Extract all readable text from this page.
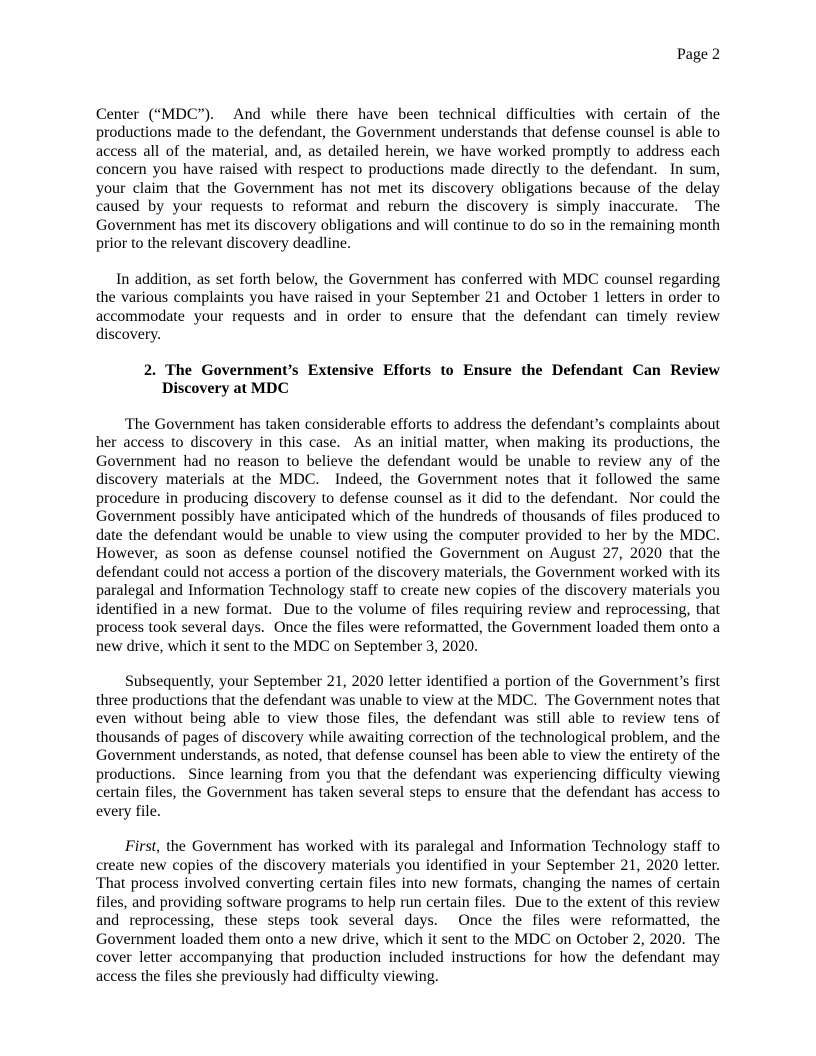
Page 2

Center (“MDC”).  And while there have been technical difficulties with certain of the productions made to the defendant, the Government understands that defense counsel is able to access all of the material, and, as detailed herein, we have worked promptly to address each concern you have raised with respect to productions made directly to the defendant.  In sum, your claim that the Government has not met its discovery obligations because of the delay caused by your requests to reformat and reburn the discovery is simply inaccurate.  The Government has met its discovery obligations and will continue to do so in the remaining month prior to the relevant discovery deadline.

In addition, as set forth below, the Government has conferred with MDC counsel regarding the various complaints you have raised in your September 21 and October 1 letters in order to accommodate your requests and in order to ensure that the defendant can timely review discovery.

2. The Government’s Extensive Efforts to Ensure the Defendant Can Review Discovery at MDC

The Government has taken considerable efforts to address the defendant’s complaints about her access to discovery in this case.  As an initial matter, when making its productions, the Government had no reason to believe the defendant would be unable to review any of the discovery materials at the MDC.  Indeed, the Government notes that it followed the same procedure in producing discovery to defense counsel as it did to the defendant.  Nor could the Government possibly have anticipated which of the hundreds of thousands of files produced to date the defendant would be unable to view using the computer provided to her by the MDC.  However, as soon as defense counsel notified the Government on August 27, 2020 that the defendant could not access a portion of the discovery materials, the Government worked with its paralegal and Information Technology staff to create new copies of the discovery materials you identified in a new format.  Due to the volume of files requiring review and reprocessing, that process took several days.  Once the files were reformatted, the Government loaded them onto a new drive, which it sent to the MDC on September 3, 2020.

Subsequently, your September 21, 2020 letter identified a portion of the Government’s first three productions that the defendant was unable to view at the MDC.  The Government notes that even without being able to view those files, the defendant was still able to review tens of thousands of pages of discovery while awaiting correction of the technological problem, and the Government understands, as noted, that defense counsel has been able to view the entirety of the productions.  Since learning from you that the defendant was experiencing difficulty viewing certain files, the Government has taken several steps to ensure that the defendant has access to every file.

First, the Government has worked with its paralegal and Information Technology staff to create new copies of the discovery materials you identified in your September 21, 2020 letter.  That process involved converting certain files into new formats, changing the names of certain files, and providing software programs to help run certain files.  Due to the extent of this review and reprocessing, these steps took several days.  Once the files were reformatted, the Government loaded them onto a new drive, which it sent to the MDC on October 2, 2020.  The cover letter accompanying that production included instructions for how the defendant may access the files she previously had difficulty viewing.
